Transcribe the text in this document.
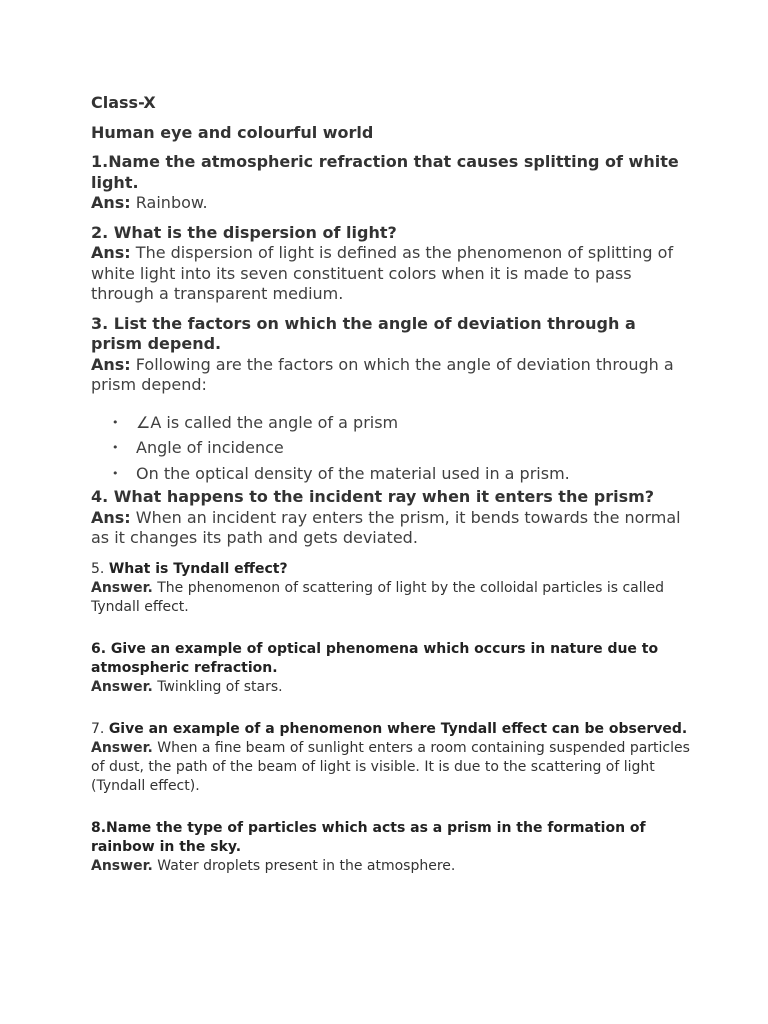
Class-X

Human eye and colourful world

1.Name the atmospheric refraction that causes splitting of white light.

Ans: Rainbow.

2. What is the dispersion of light?

Ans: The dispersion of light is defined as the phenomenon of splitting of white light into its seven constituent colors when it is made to pass through a transparent medium.

3. List the factors on which the angle of deviation through a prism depend.

Ans: Following are the factors on which the angle of deviation through a prism depend:

• ∠A is called the angle of a prism
• Angle of incidence
• On the optical density of the material used in a prism.

4. What happens to the incident ray when it enters the prism?

Ans: When an incident ray enters the prism, it bends towards the normal as it changes its path and gets deviated.

5. What is Tyndall effect?

Answer. The phenomenon of scattering of light by the colloidal particles is called Tyndall effect.

6. Give an example of optical phenomena which occurs in nature due to atmospheric refraction.

Answer. Twinkling of stars.

7. Give an example of a phenomenon where Tyndall effect can be observed.

Answer. When a fine beam of sunlight enters a room containing suspended particles of dust, the path of the beam of light is visible. It is due to the scattering of light (Tyndall effect).

8.Name the type of particles which acts as a prism in the formation of rainbow in the sky.

Answer. Water droplets present in the atmosphere.
